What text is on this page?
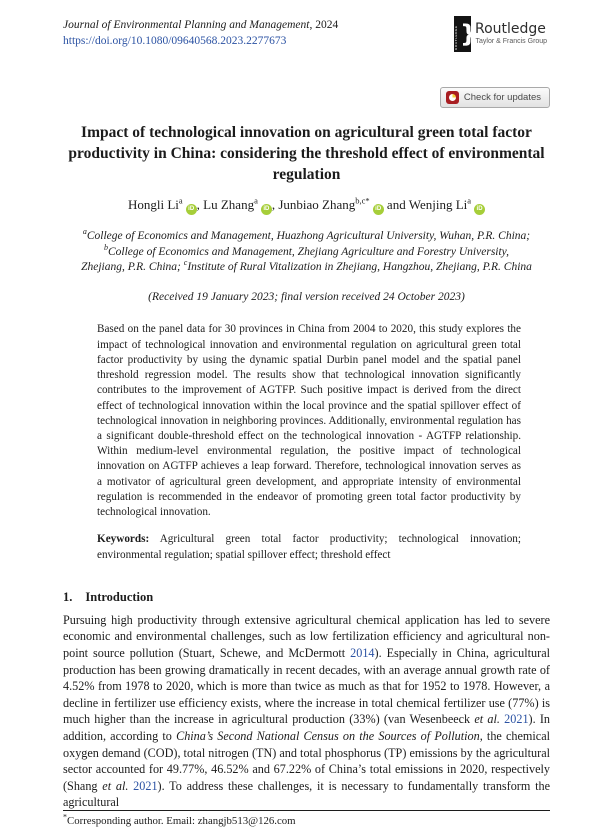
Journal of Environmental Planning and Management, 2024
https://doi.org/10.1080/09640568.2023.2277673	ROUTLEDGE }
Routledge
Taylor & Francis Group
Check for updates
Impact of technological innovation on agricultural green total factor productivity in China: considering the threshold effect of environmental regulation
Hongli Li$^a$iD , Lu Zhang$^a$iD , Junbiao Zhang$^{b,c*}$iD and Wenjing Li$^a$iD
$^a$College of Economics and Management, Huazhong Agricultural University, Wuhan, P.R. China; $^b$College of Economics and Management, Zhejiang Agriculture and Forestry University, Zhejiang, P.R. China; $^c$Institute of Rural Vitalization in Zhejiang, Hangzhou, Zhejiang, P.R. China
(Received 19 January 2023; final version received 24 October 2023)

Based on the panel data for 30 provinces in China from 2004 to 2020, this study explores the impact of technological innovation and environmental regulation on agricultural green total factor productivity by using the dynamic spatial Durbin panel model and the spatial panel threshold regression model. The results show that technological innovation significantly contributes to the improvement of AGTFP. Such positive impact is derived from the direct effect of technological innovation within the local province and the spatial spillover effect of technological innovation in neighboring provinces. Additionally, environmental regulation has a significant double-threshold effect on the technological innovation - AGTFP relationship. Within medium-level environmental regulation, the positive impact of technological innovation on AGTFP achieves a leap forward. Therefore, technological innovation serves as a motivator of agricultural green development, and appropriate intensity of environmental regulation is recommended in the endeavor of promoting green total factor productivity by technological innovation.

Keywords: Agricultural green total factor productivity; technological innovation; environmental regulation; spatial spillover effect; threshold effect

1. Introduction

Pursuing high productivity through extensive agricultural chemical application has led to severe economic and environmental challenges, such as low fertilization efficiency and agricultural non-point source pollution (Stuart, Schewe, and McDermott 2014). Especially in China, agricultural production has been growing dramatically in recent decades, with an average annual growth rate of 4.52% from 1978 to 2020, which is more than twice as much as that for 1952 to 1978. However, a decline in fertilizer use efficiency exists, where the increase in total chemical fertilizer use (77%) is much higher than the increase in agricultural production (33%) (van Wesenbeeck et al. 2021). In addition, according to China’s Second National Census on the Sources of Pollution, the chemical oxygen demand (COD), total nitrogen (TN) and total phosphorus (TP) emissions by the agricultural sector accounted for 49.77%, 46.52% and 67.22% of China’s total emissions in 2020, respectively (Shang et al. 2021). To address these challenges, it is necessary to fundamentally transform the agricultural

*Corresponding author. Email: zhangjb513@126.com
